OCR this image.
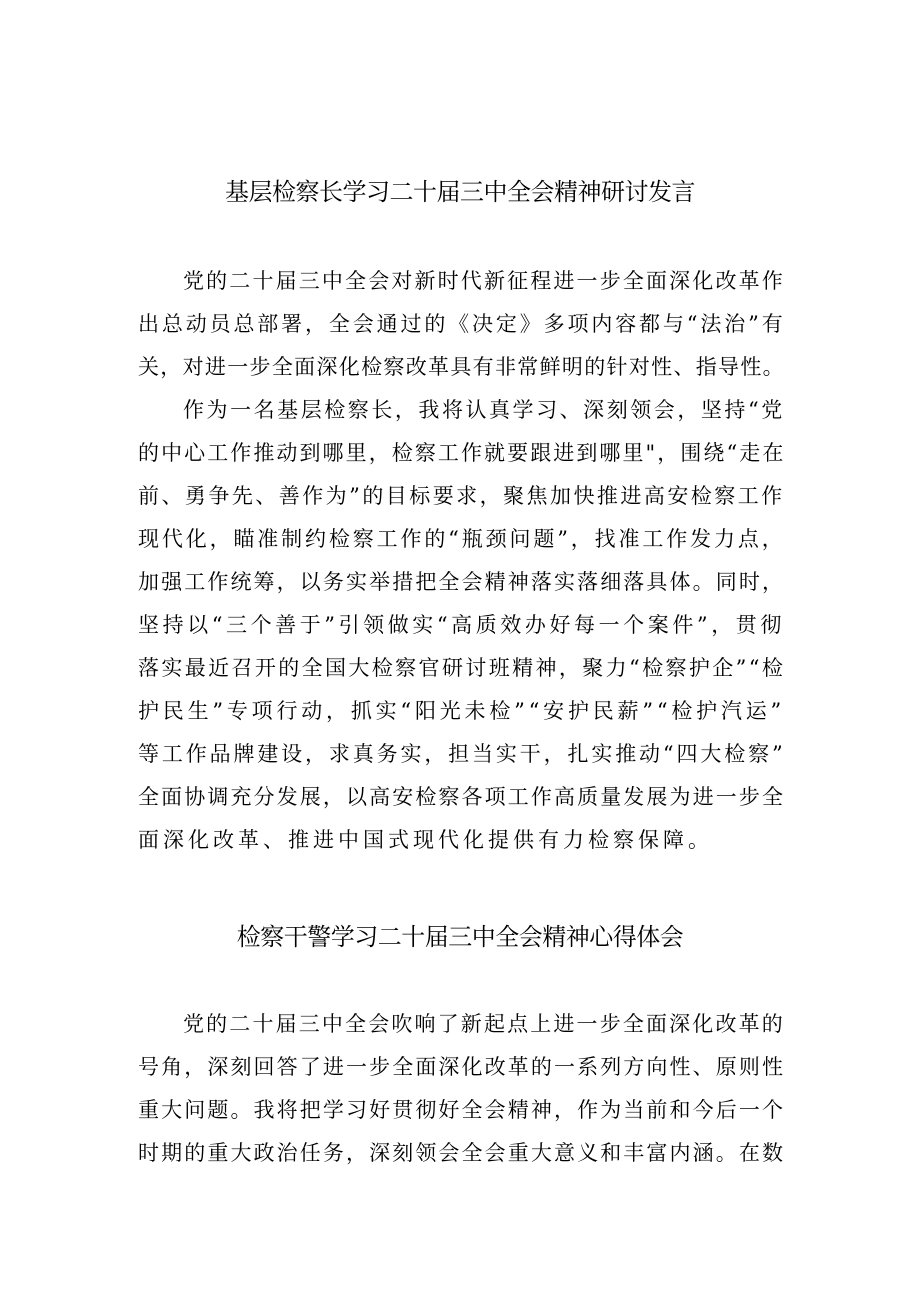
基层检察长学习二十届三中全会精神研讨发言

党的二十届三中全会对新时代新征程进一步全面深化改革作

出总动员总部署，全会通过的《决定》多项内容都与“法治”有

关，对进一步全面深化检察改革具有非常鲜明的针对性、指导性。

作为一名基层检察长，我将认真学习、深刻领会，坚持“党

的中心工作推动到哪里，检察工作就要跟进到哪里"，围绕“走在

前、勇争先、善作为”的目标要求，聚焦加快推进高安检察工作

现代化，瞄准制约检察工作的“瓶颈问题”，找准工作发力点，

加强工作统筹，以务实举措把全会精神落实落细落具体。同时，

坚持以“三个善于”引领做实“高质效办好每一个案件”，贯彻

落实最近召开的全国大检察官研讨班精神，聚力“检察护企”“检

护民生”专项行动，抓实“阳光未检”“安护民薪”“检护汽运”

等工作品牌建设，求真务实，担当实干，扎实推动“四大检察”

全面协调充分发展，以高安检察各项工作高质量发展为进一步全

面深化改革、推进中国式现代化提供有力检察保障。

检察干警学习二十届三中全会精神心得体会

党的二十届三中全会吹响了新起点上进一步全面深化改革的

号角，深刻回答了进一步全面深化改革的一系列方向性、原则性

重大问题。我将把学习好贯彻好全会精神，作为当前和今后一个

时期的重大政治任务，深刻领会全会重大意义和丰富内涵。在数
